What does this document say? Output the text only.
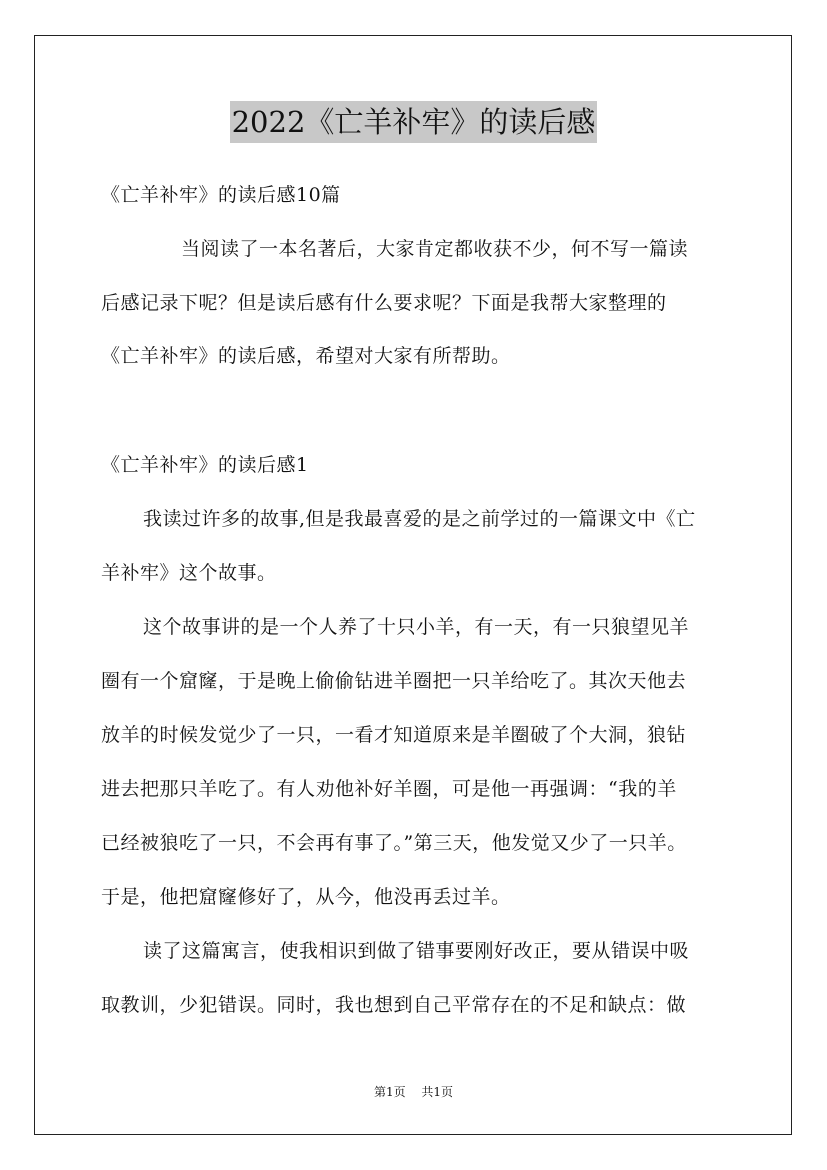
2022《亡羊补牢》的读后感
《亡羊补牢》的读后感10篇
当阅读了一本名著后，大家肯定都收获不少，何不写一篇读
后感记录下呢？但是读后感有什么要求呢？下面是我帮大家整理的
《亡羊补牢》的读后感，希望对大家有所帮助。
《亡羊补牢》的读后感1
我读过许多的故事,但是我最喜爱的是之前学过的一篇课文中《亡
羊补牢》这个故事。
这个故事讲的是一个人养了十只小羊，有一天，有一只狼望见羊
圈有一个窟窿，于是晚上偷偷钻进羊圈把一只羊给吃了。其次天他去
放羊的时候发觉少了一只，一看才知道原来是羊圈破了个大洞，狼钻
进去把那只羊吃了。有人劝他补好羊圈，可是他一再强调：“我的羊
已经被狼吃了一只，不会再有事了。”第三天，他发觉又少了一只羊。
于是，他把窟窿修好了，从今，他没再丢过羊。
读了这篇寓言，使我相识到做了错事要刚好改正，要从错误中吸
取教训，少犯错误。同时，我也想到自己平常存在的不足和缺点：做
第1页 共1页
